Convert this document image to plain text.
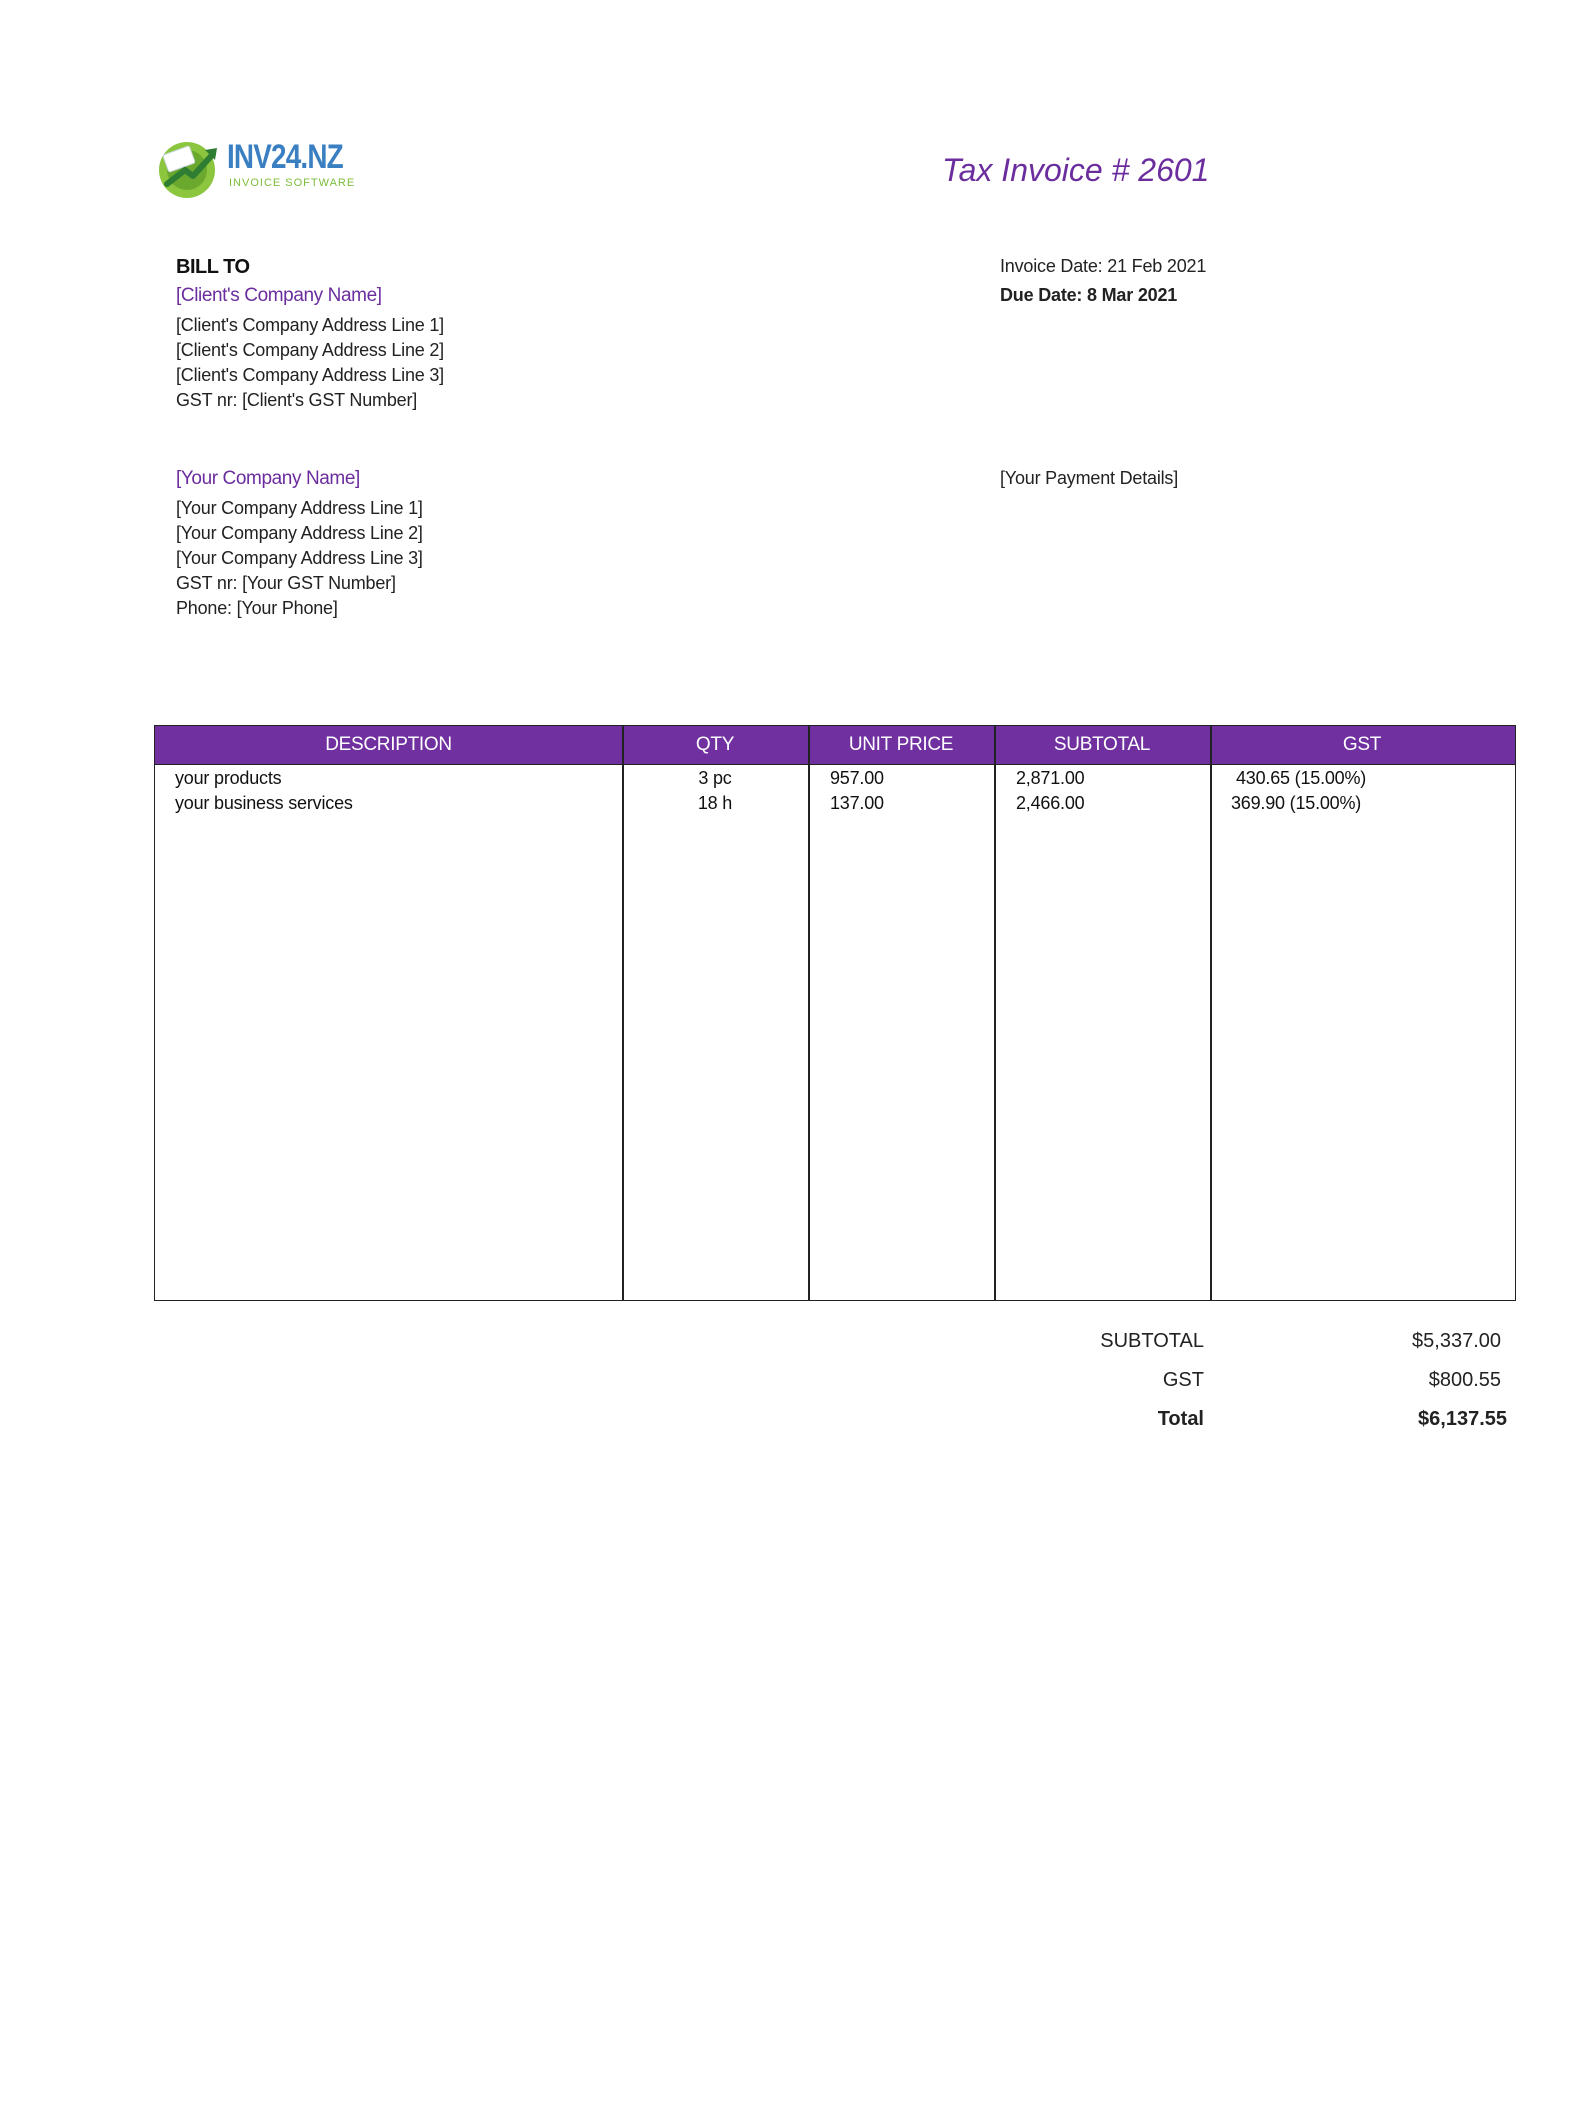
INV24.NZ
INVOICE SOFTWARE	Tax Invoice # 2601
BILL TO
[Client's Company Name]
[Client's Company Address Line 1]
[Client's Company Address Line 2]
[Client's Company Address Line 3]
GST nr: [Client's GST Number]
Invoice Date: 21 Feb 2021
Due Date: 8 Mar 2021
[Your Company Name]
[Your Company Address Line 1]
[Your Company Address Line 2]
[Your Company Address Line 3]
GST nr: [Your GST Number]
Phone: [Your Phone]
[Your Payment Details]
DESCRIPTION	QTY	UNIT PRICE	SUBTOTAL	GST
your products	3 pc	957.00	2,871.00	430.65 (15.00%)
your business services	18 h	137.00	2,466.00	369.90 (15.00%)
SUBTOTAL	$5,337.00
GST	$800.55
Total	$6,137.55
